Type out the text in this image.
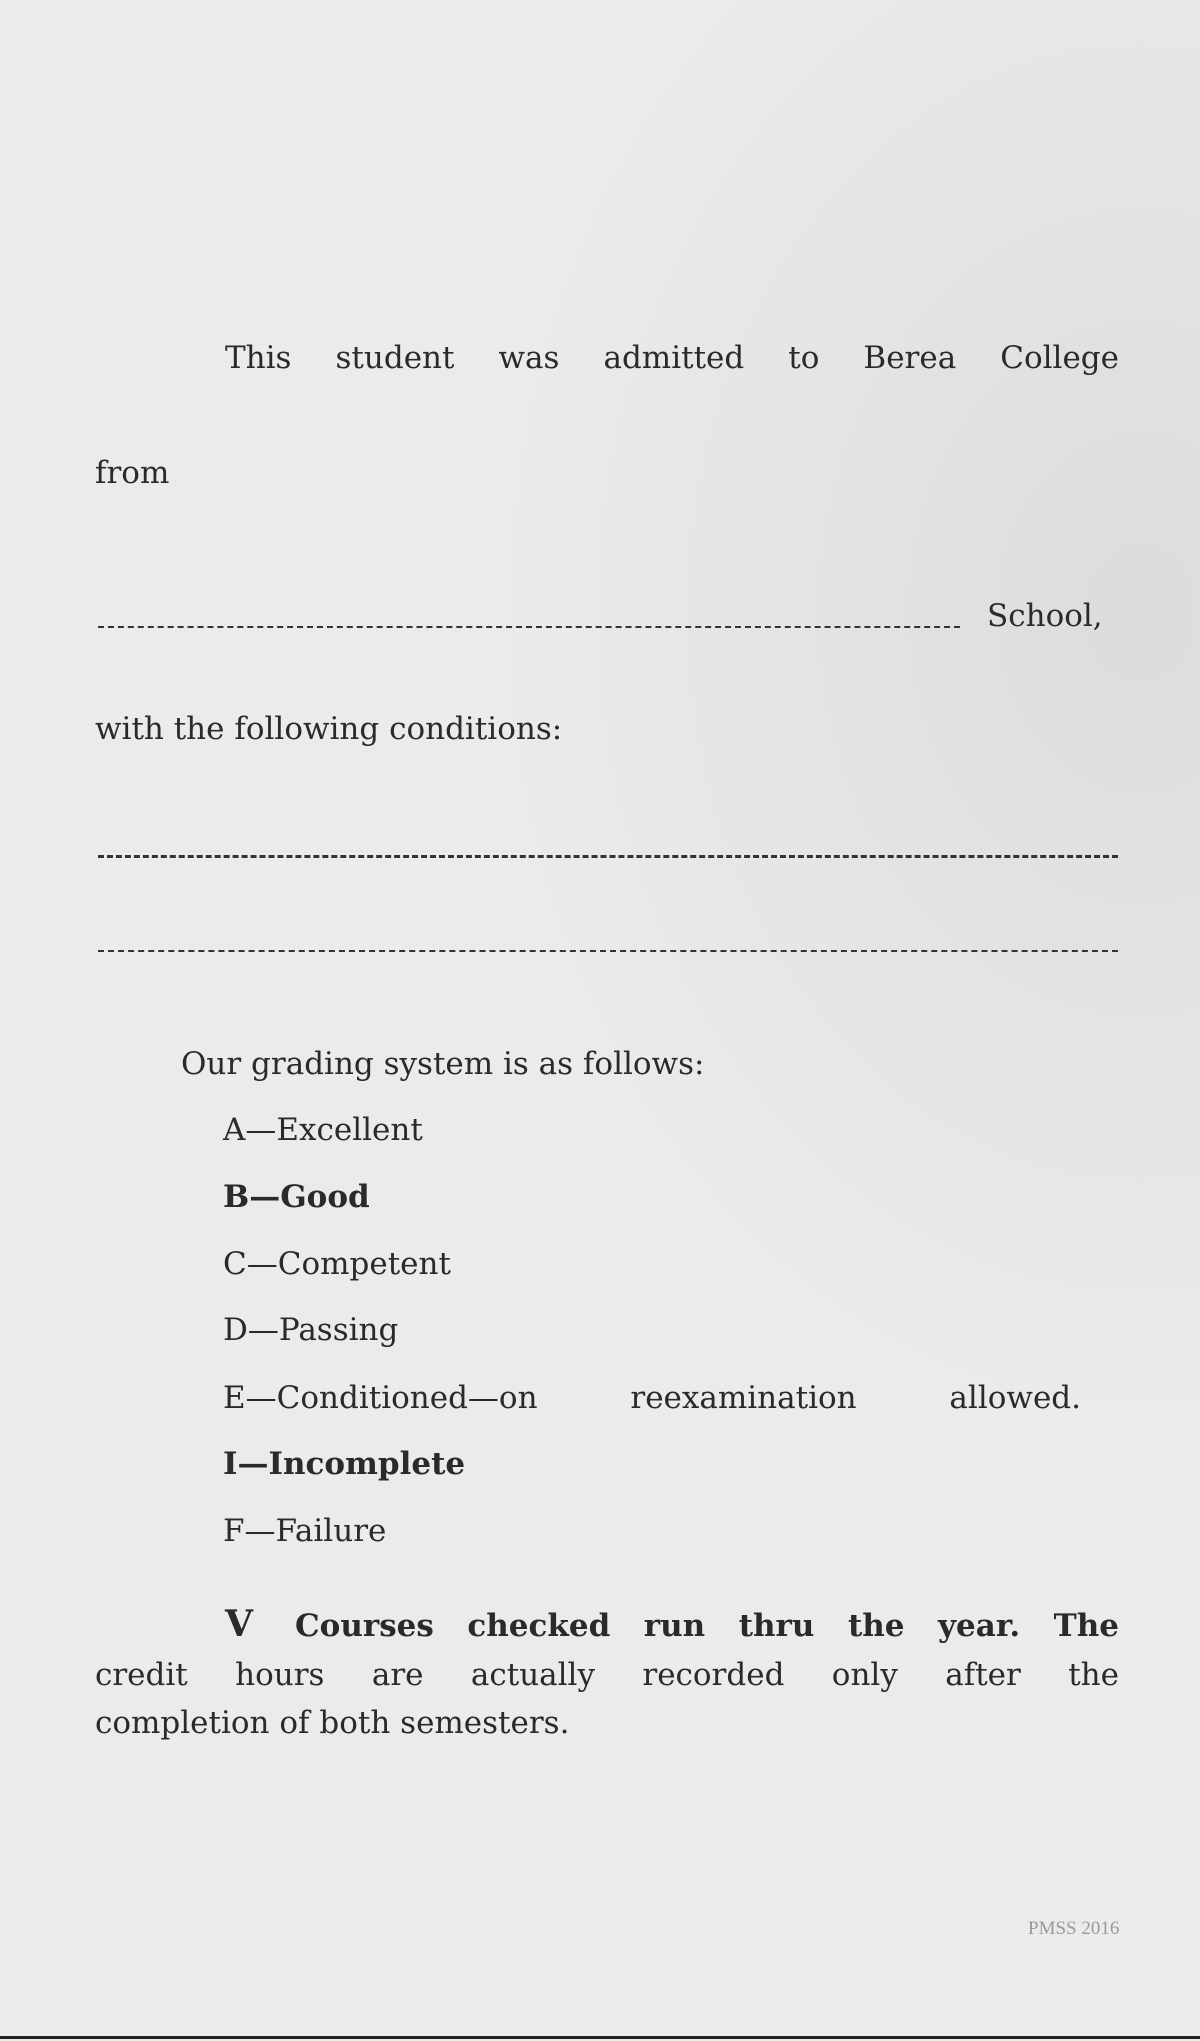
This student was admitted to Berea College
from
School,
with the following conditions:
Our grading system is as follows:
A—Excellent
B—Good
C—Competent
D—Passing
E—Conditioned—on reexamination allowed.
I—Incomplete
F—Failure
V Courses checked run thru the year. The
credit hours are actually recorded only after the
completion of both semesters.
PMSS 2016
